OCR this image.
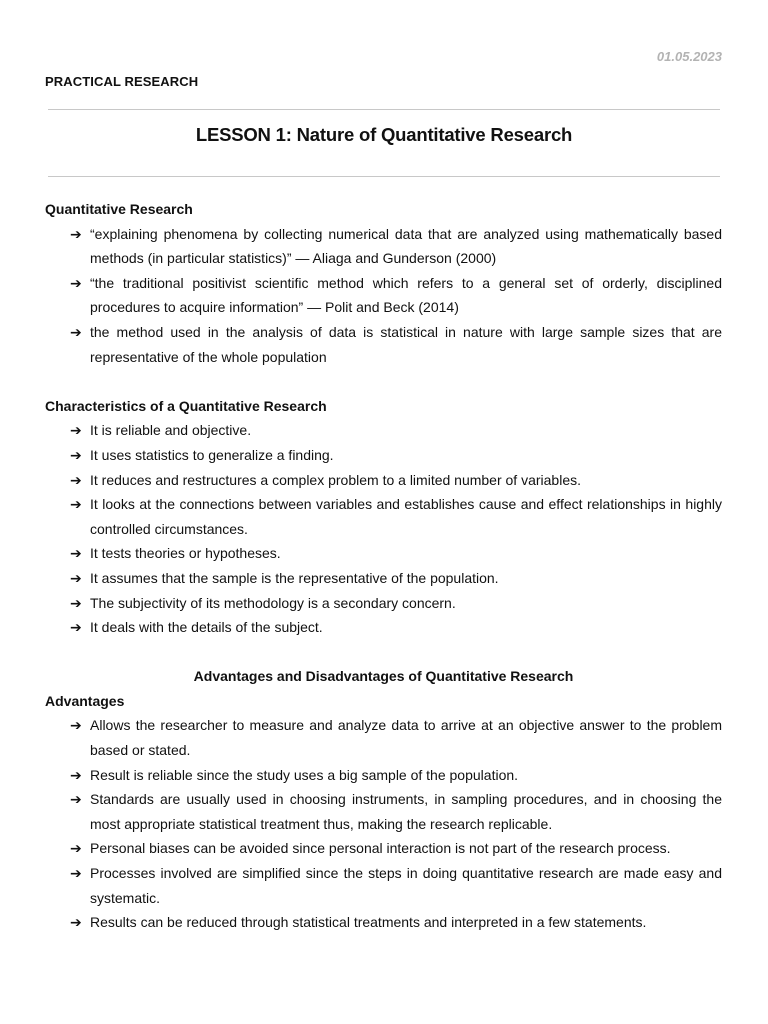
01.05.2023
PRACTICAL RESEARCH
LESSON 1: Nature of Quantitative Research
Quantitative Research
➔ “explaining phenomena by collecting numerical data that are analyzed using mathematically based methods (in particular statistics)” — Aliaga and Gunderson (2000)
➔ “the traditional positivist scientific method which refers to a general set of orderly, disciplined procedures to acquire information” — Polit and Beck (2014)
➔ the method used in the analysis of data is statistical in nature with large sample sizes that are representative of the whole population
Characteristics of a Quantitative Research
➔ It is reliable and objective.
➔ It uses statistics to generalize a finding.
➔ It reduces and restructures a complex problem to a limited number of variables.
➔ It looks at the connections between variables and establishes cause and effect relationships in highly controlled circumstances.
➔ It tests theories or hypotheses.
➔ It assumes that the sample is the representative of the population.
➔ The subjectivity of its methodology is a secondary concern.
➔ It deals with the details of the subject.
Advantages and Disadvantages of Quantitative Research
Advantages
➔ Allows the researcher to measure and analyze data to arrive at an objective answer to the problem based or stated.
➔ Result is reliable since the study uses a big sample of the population.
➔ Standards are usually used in choosing instruments, in sampling procedures, and in choosing the most appropriate statistical treatment thus, making the research replicable.
➔ Personal biases can be avoided since personal interaction is not part of the research process.
➔ Processes involved are simplified since the steps in doing quantitative research are made easy and systematic.
➔ Results can be reduced through statistical treatments and interpreted in a few statements.
